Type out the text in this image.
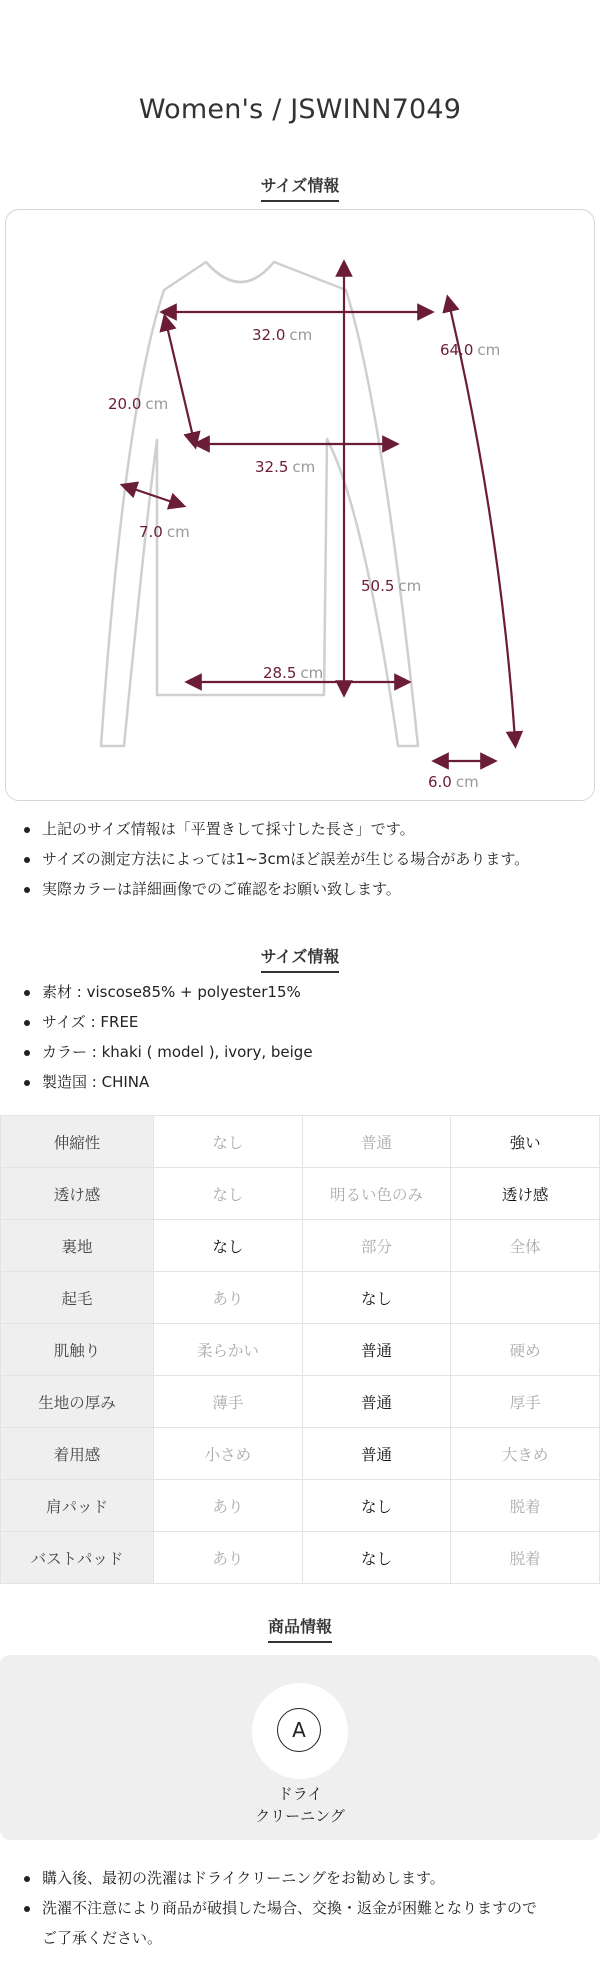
Women's / JSWINN7049
サイズ情報
32.0 cm
32.5 cm
28.5 cm
50.5 cm
64.0 cm
20.0 cm
7.0 cm
6.0 cm
上記のサイズ情報は「平置きして採寸した長さ」です。
サイズの測定方法によっては1~3cmほど誤差が生じる場合があります。
実際カラーは詳細画像でのご確認をお願い致します。
サイズ情報
素材 : viscose85% + polyester15%
サイズ : FREE
カラー : khaki ( model ), ivory, beige
製造国 : CHINA
伸縮性	なし	普通	強い
透け感	なし	明るい色のみ	透け感
裏地	なし	部分	全体
起毛	あり	なし	
肌触り	柔らかい	普通	硬め
生地の厚み	薄手	普通	厚手
着用感	小さめ	普通	大きめ
肩パッド	あり	なし	脱着
バストパッド	あり	なし	脱着
商品情報
A
ドライ
クリーニング
購入後、最初の洗濯はドライクリーニングをお勧めします。
洗濯不注意により商品が破損した場合、交換・返金が困難となりますので
ご了承ください。
